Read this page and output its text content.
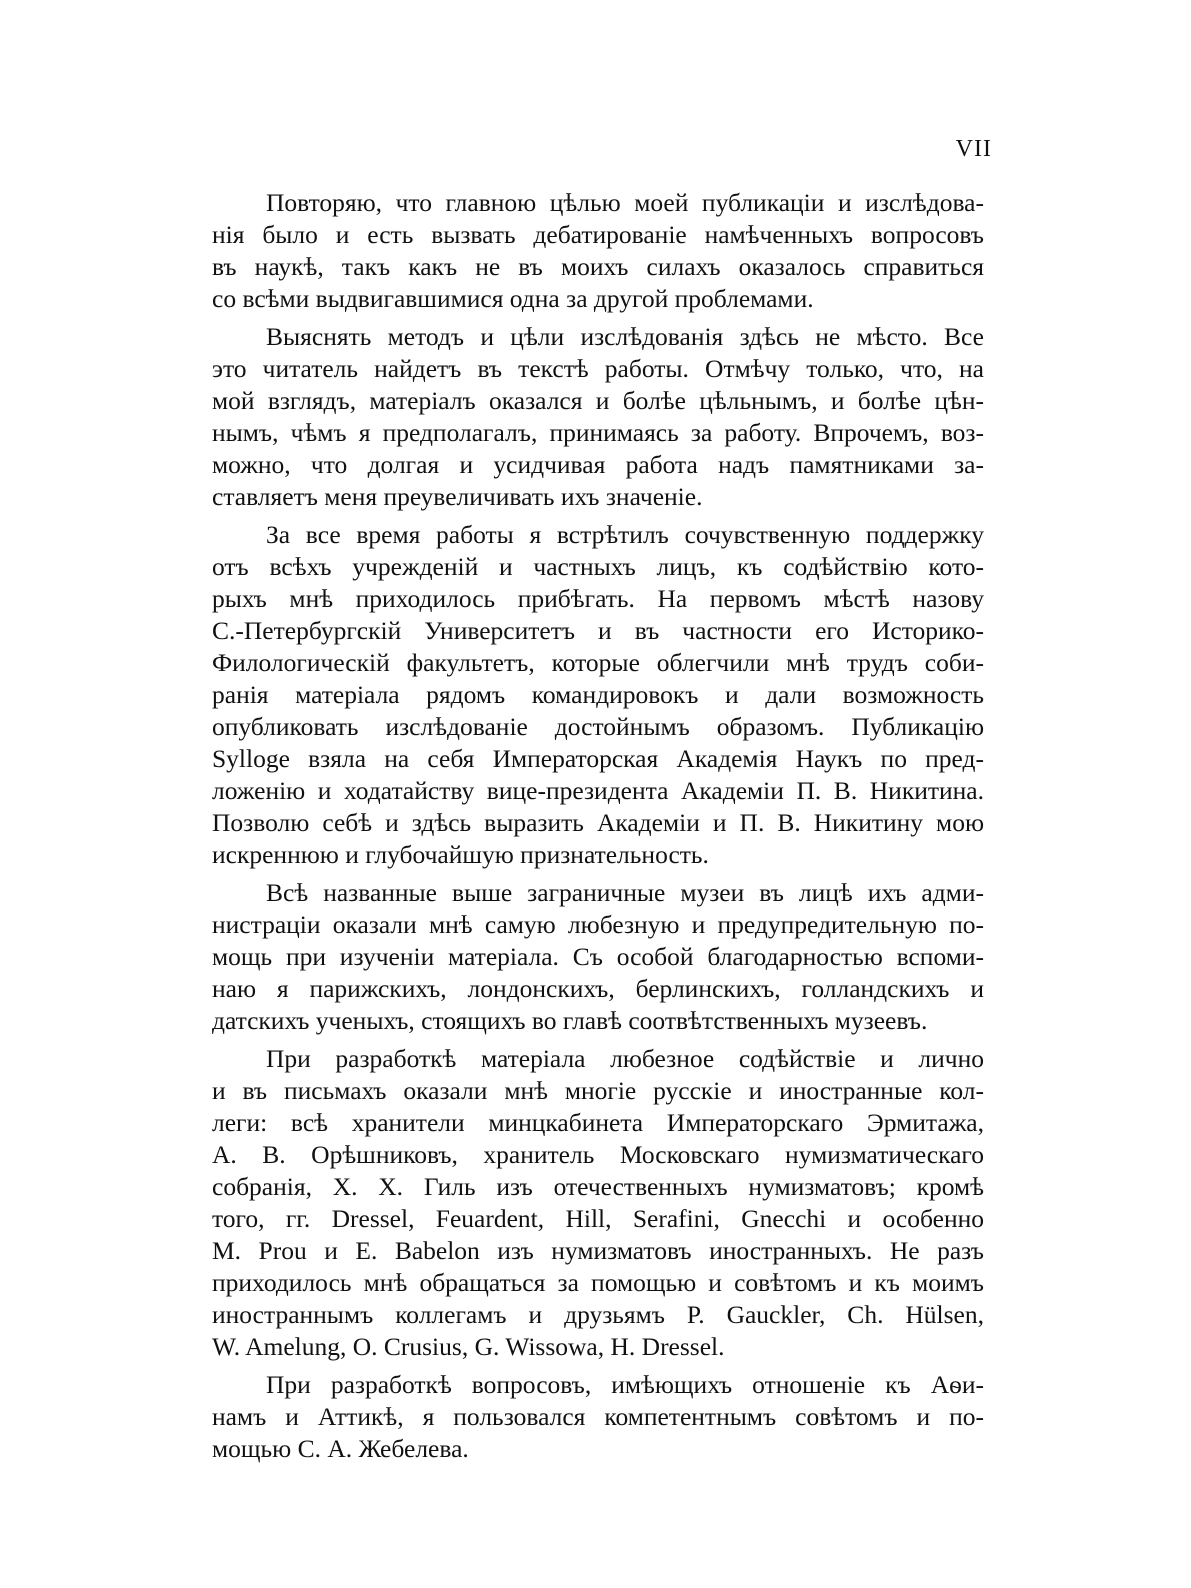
VII

Повторяю, что главною цѣлью моей публикаціи и изслѣдова-
нія было и есть вызвать дебатированіе намѣченныхъ вопросовъ
въ наукѣ, такъ какъ не въ моихъ силахъ оказалось справиться
со всѣми выдвигавшимися одна за другой проблемами.

Выяснять методъ и цѣли изслѣдованія здѣсь не мѣсто. Все
это читатель найдетъ въ текстѣ работы. Отмѣчу только, что, на
мой взглядъ, матеріалъ оказался и болѣе цѣльнымъ, и болѣе цѣн-
нымъ, чѣмъ я предполагалъ, принимаясь за работу. Впрочемъ, воз-
можно, что долгая и усидчивая работа надъ памятниками за-
ставляетъ меня преувеличивать ихъ значеніе.

За все время работы я встрѣтилъ сочувственную поддержку
отъ всѣхъ учрежденій и частныхъ лицъ, къ содѣйствію кото-
рыхъ мнѣ приходилось прибѣгать. На первомъ мѣстѣ назову
С.-Петербургскій Университетъ и въ частности его Историко-
Филологическій факультетъ, которые облегчили мнѣ трудъ соби-
ранія матеріала рядомъ командировокъ и дали возможность
опубликовать изслѣдованіе достойнымъ образомъ. Публикацію
Sylloge взяла на себя Императорская Академія Наукъ по пред-
ложенію и ходатайству вице-президента Академіи П. В. Никитина.
Позволю себѣ и здѣсь выразить Академіи и П. В. Никитину мою
искреннюю и глубочайшую признательность.

Всѣ названные выше заграничные музеи въ лицѣ ихъ адми-
нистраціи оказали мнѣ самую любезную и предупредительную по-
мощь при изученіи матеріала. Съ особой благодарностью вспоми-
наю я парижскихъ, лондонскихъ, берлинскихъ, голландскихъ и
датскихъ ученыхъ, стоящихъ во главѣ соотвѣтственныхъ музеевъ.

При разработкѣ матеріала любезное содѣйствіе и лично
и въ письмахъ оказали мнѣ многіе русскіе и иностранные кол-
леги: всѣ хранители минцкабинета Императорскаго Эрмитажа,
А. В. Орѣшниковъ, хранитель Московскаго нумизматическаго
собранія, Х. Х. Гиль изъ отечественныхъ нумизматовъ; кромѣ
того, гг. Dressel, Feuardent, Hill, Serafini, Gnecchi и особенно
M. Prou и E. Babelon изъ нумизматовъ иностранныхъ. Не разъ
приходилось мнѣ обращаться за помощью и совѣтомъ и къ моимъ
иностраннымъ коллегамъ и друзьямъ P. Gauckler, Ch. Hülsen,
W. Amelung, O. Crusius, G. Wissowa, H. Dressel.

При разработкѣ вопросовъ, имѣющихъ отношеніе къ Аѳи-
намъ и Аттикѣ, я пользовался компетентнымъ совѣтомъ и по-
мощью С. А. Жебелева.
